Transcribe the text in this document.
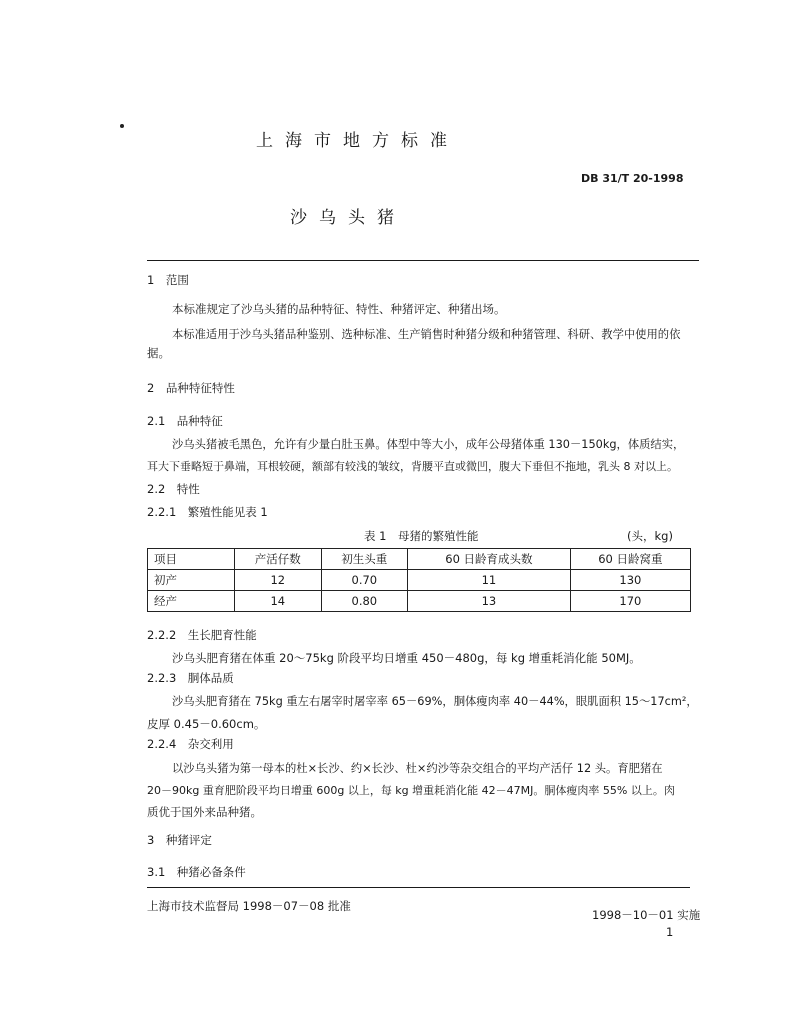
上海市地方标准
DB 31/T 20-1998
沙乌头猪
1　范围
本标准规定了沙乌头猪的品种特征、特性、种猪评定、种猪出场。
本标准适用于沙乌头猪品种鉴别、选种标准、生产销售时种猪分级和种猪管理、科研、教学中使用的依
据。
2　品种特征特性
2.1　品种特征
沙乌头猪被毛黑色，允许有少量白肚玉鼻。体型中等大小，成年公母猪体重 130－150kg，体质结实，
耳大下垂略短于鼻端，耳根较硬，额部有较浅的皱纹，背腰平直或微凹，腹大下垂但不拖地，乳头 8 对以上。
2.2　特性
2.2.1　繁殖性能见表 1
表 1　母猪的繁殖性能	(头，kg)
项目	产活仔数	初生头重	60 日龄育成头数	60 日龄窝重
初产	12	0.70	11	130
经产	14	0.80	13	170
2.2.2　生长肥育性能
沙乌头肥育猪在体重 20～75kg 阶段平均日增重 450－480g，每 kg 增重耗消化能 50MJ。
2.2.3　胴体品质
沙乌头肥育猪在 75kg 重左右屠宰时屠宰率 65－69%，胴体瘦肉率 40－44%，眼肌面积 15～17cm²，
皮厚 0.45－0.60cm。
2.2.4　杂交利用
以沙乌头猪为第一母本的杜×长沙、约×长沙、杜×约沙等杂交组合的平均产活仔 12 头。育肥猪在
20－90kg 重育肥阶段平均日增重 600g 以上，每 kg 增重耗消化能 42－47MJ。胴体瘦肉率 55% 以上。肉
质优于国外来品种猪。
3　种猪评定
3.1　种猪必备条件
上海市技术监督局 1998－07－08 批准
1998－10－01 实施
1
